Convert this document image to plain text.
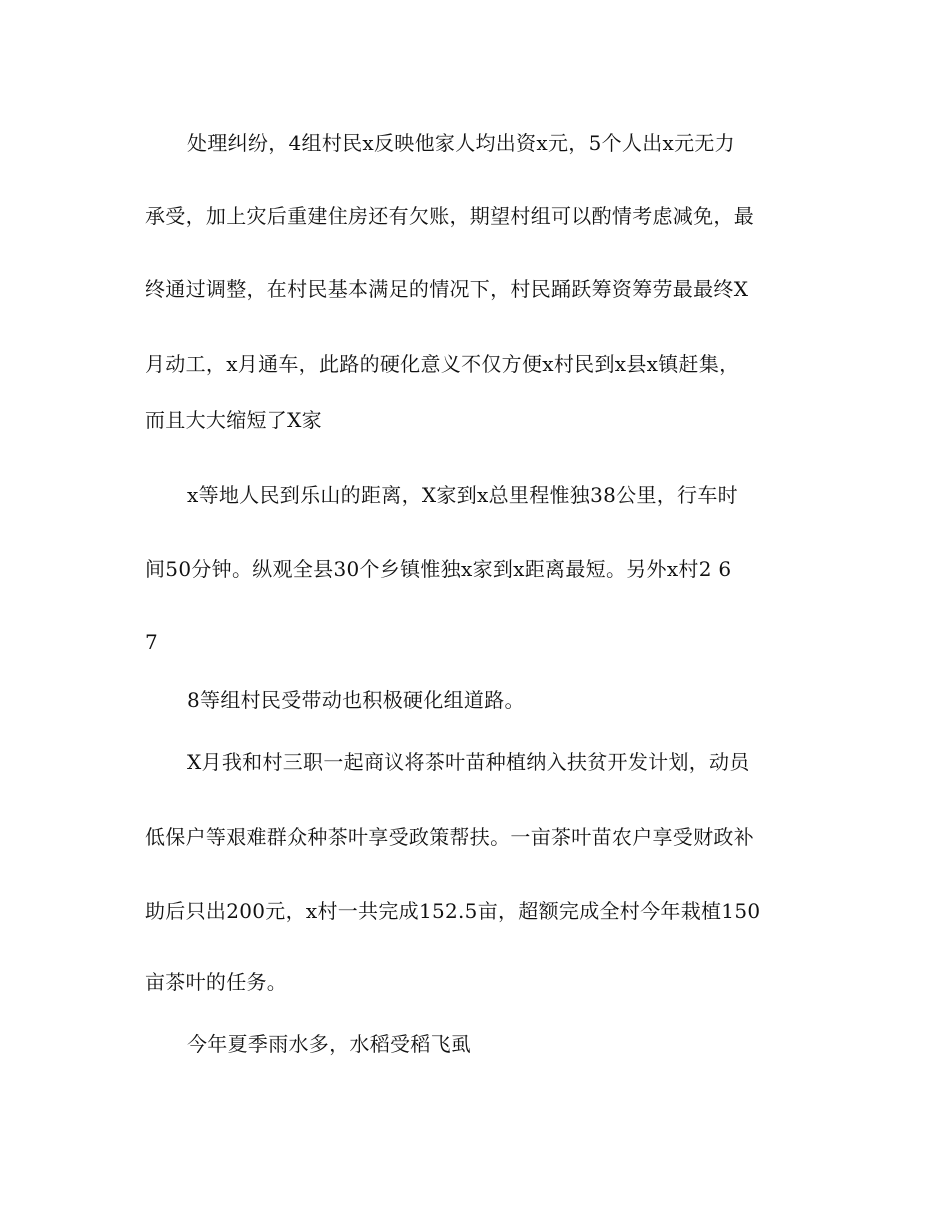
处理纠纷，4组村民x反映他家人均出资x元，5个人出x元无力
承受，加上灾后重建住房还有欠账，期望村组可以酌情考虑减免，最
终通过调整，在村民基本满足的情况下，村民踊跃筹资筹劳最最终X
月动工，x月通车，此路的硬化意义不仅方便x村民到x县x镇赶集，
而且大大缩短了X家
x等地人民到乐山的距离，X家到x总里程惟独38公里，行车时
间50分钟。纵观全县30个乡镇惟独x家到x距离最短。另外x村2 6
7
8等组村民受带动也积极硬化组道路。
X月我和村三职一起商议将茶叶苗种植纳入扶贫开发计划，动员
低保户等艰难群众种茶叶享受政策帮扶。一亩茶叶苗农户享受财政补
助后只出200元，x村一共完成152.5亩，超额完成全村今年栽植150
亩茶叶的任务。
今年夏季雨水多，水稻受稻飞虱
